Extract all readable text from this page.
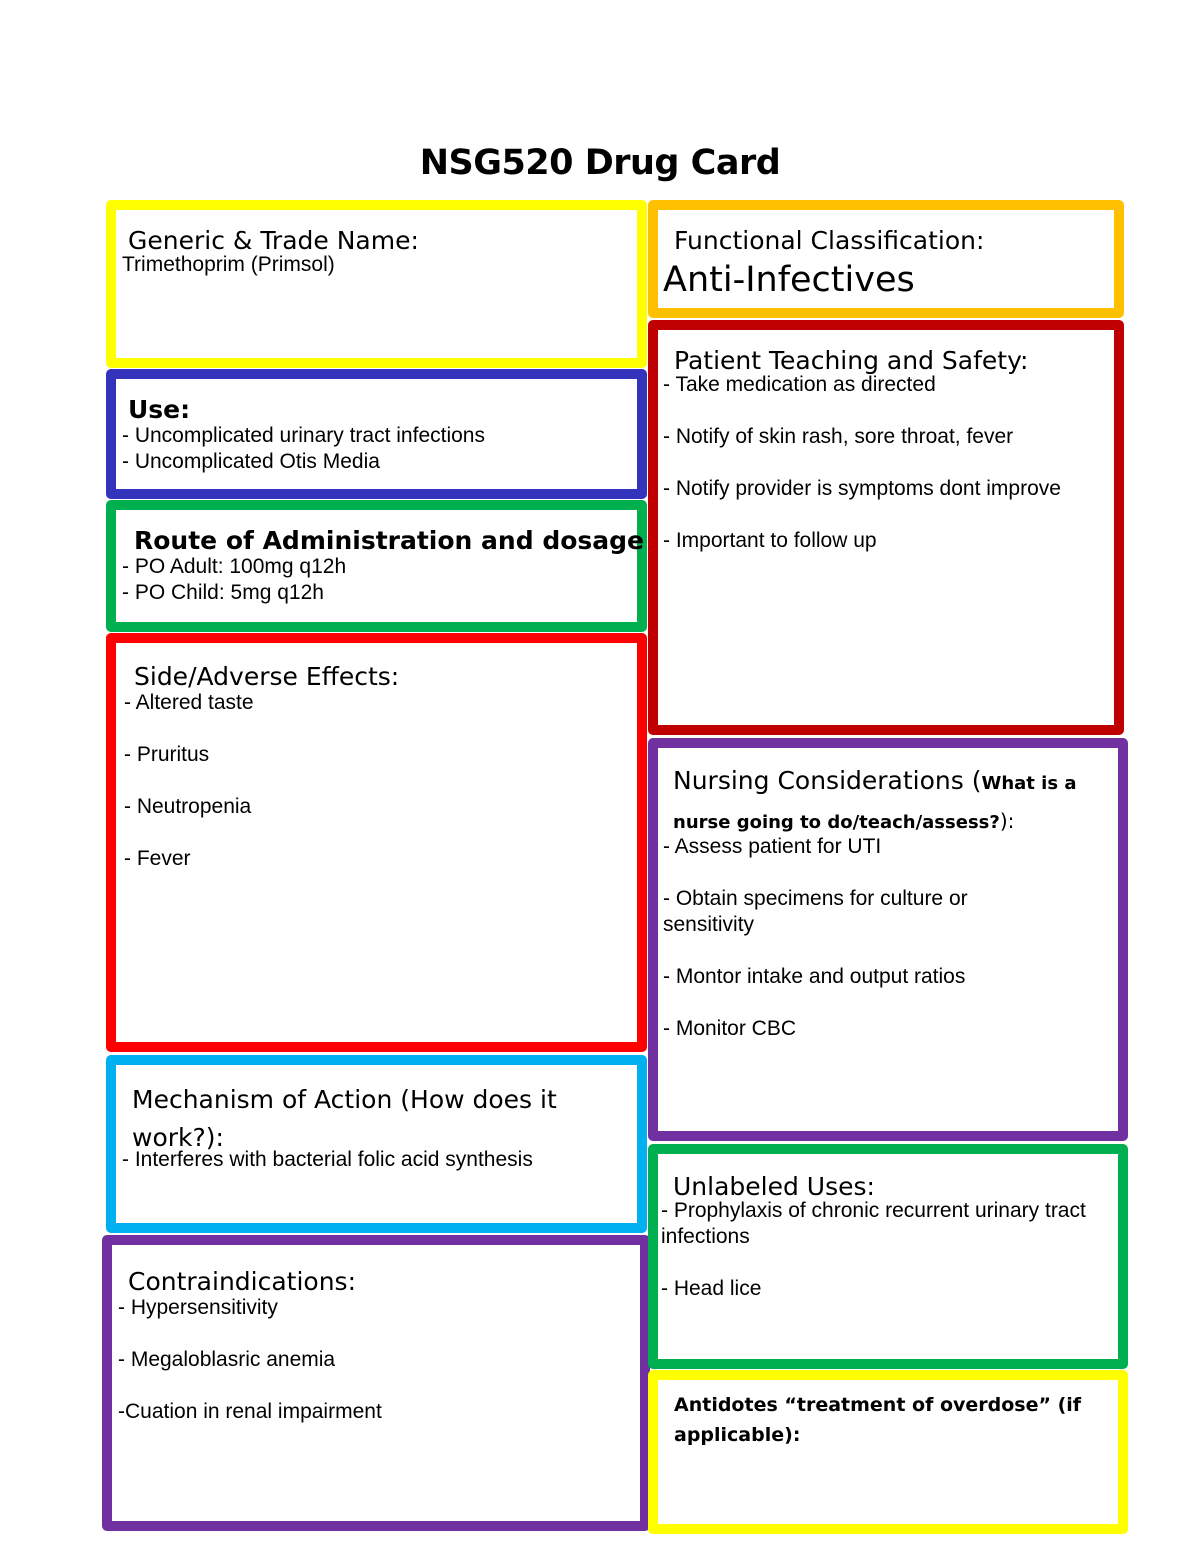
NSG520 Drug Card
Generic & Trade Name:
Trimethoprim (Primsol)
Use:
- Uncomplicated urinary tract infections
- Uncomplicated Otis Media
Route of Administration and dosage
- PO Adult: 100mg q12h
- PO Child: 5mg q12h
Side/Adverse Effects:
- Altered taste
- Pruritus
- Neutropenia
- Fever
Mechanism of Action (How does it
work?):
- Interferes with bacterial folic acid synthesis
Contraindications:
- Hypersensitivity
- Megaloblasric anemia
-Cuation in renal impairment
Functional Classification:
Anti-Infectives
Patient Teaching and Safety:
- Take medication as directed
- Notify of skin rash, sore throat, fever
- Notify provider is symptoms dont improve
- Important to follow up
Nursing Considerations (What is a
nurse going to do/teach/assess?):
- Assess patient for UTI
- Obtain specimens for culture or sensitivity
- Montor intake and output ratios
- Monitor CBC
Unlabeled Uses:
- Prophylaxis of chronic recurrent urinary tract infections
- Head lice
Antidotes “treatment of overdose” (if
applicable):
